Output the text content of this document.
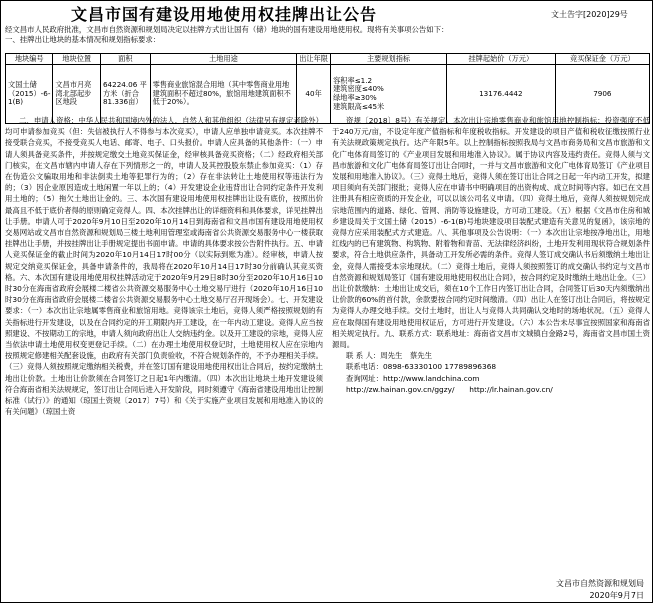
文昌市国有建设用地使用权挂牌出让公告	文土告字[2020]29号

经文昌市人民政府批准，文昌市自然资源和规划局决定以挂牌方式出让国有（储）地块的国有建设用地使用权。现将有关事项公告如下：

一、挂牌出让地块的基本情况和规划指标要求：

地块编号	地块位置	面积	土地用途	出让年限	主要规划指标	挂牌起始价（万元）	竞买保证金（万元）
文国土储（2015）-6-1(B)	文昌市月亮湾北部起步区地段	64224.06 平方米（折合81.336亩）	零售商业旅馆混合用地（其中零售商业用地建筑面积不超过80%，旅馆用地建筑面积不低于20%）。	40年	容积率≤1.2
建筑密度≤40%
绿地率≥30%
建筑限高≤45米	13176.4442	7906

二、申请人资格：中华人民共和国境内外的法人、自然人和其他组织（法律另有规定者除外）均可申请参加竞买（但：失信被执行人不得参与本次竞买），申请人应单独申请竞买。本次挂牌不接受联合竞买，不接受竞买人电话、邮寄、电子、口头报价。申请人应具备的其他条件：（一）申请人须具备竞买条件，并按规定缴交土地竞买保证金，经审核具备竞买资格；（二）经政府相关部门核实，在文昌市辖内申请人存在下列情形之一的，申请人及其控股股东禁止参加竞买：（1）存在伪造公文骗取用地和非法倒卖土地等犯罪行为的；（2）存在非法转让土地使用权等违法行为的；（3）因企业原因造成土地闲置一年以上的；（4）开发建设企业违背出让合同约定条件开发利用土地的；（5）拖欠土地出让金的。三、本次国有建设用地使用权挂牌出让设有底价，按照出价最高且不低于底价者得的原则确定竞得人。四、本次挂牌出让的详细资料和具体要求，详见挂牌出让手册。申请人可于2020年9月10日至2020年10月14日到海南省和文昌市国有建设用地使用权交易网站或文昌市自然资源和规划局三楼土地利用管理室或海南省公共资源交易服务中心一楼获取挂牌出让手册，并按挂牌出让手册规定提出书面申请。申请的具体要求按公告附件执行。五、申请人竞买保证金的截止时间为2020年10月14日17时00分（以实际到账为准）。经审核，申请人按规定交纳竞买保证金，具备申请条件的，我局将在2020年10月14日17时30分前确认其竞买资格。六、本次国有建设用地使用权挂牌活动定于2020年9月29日8时30分至2020年10月16日10时30分在海南省政府会展楼二楼省公共资源交易服务中心土地交易厅进行（2020年10月16日10时30分在海南省政府会展楼二楼省公共资源交易服务中心土地交易厅召开现场会）。七、开发建设要求：（一）本次出让宗地属零售商业和旅馆用地。竞得该宗土地后，竞得人须严格按照规划的有关指标进行开发建设，以及在合同约定的开工期限内开工建设，在一年内动工建设。竞得人应当按照建设、不按期动工的宗地，申请人须向政府出让人交纳违约金。以及开工建设的宗地，竞得人应当依法申请土地使用权变更登记手续。（二）在办理土地使用权登记时，土地使用权人应在宗地内按照规定修建相关配套设施，由政府有关部门负责验收，不符合规划条件的，不予办理相关手续。（三）竞得人须按照规定缴纳相关税费，并在签订国有建设用地使用权出让合同后，按约定缴纳土地出让价款。土地出让价款须在合同签订之日起1年内缴清。（四）本次出让地块土地开发建设须符合海南省相关法规规定，签订出让合同后进入开发阶段，同时须遵守《海南省建设用地出让控制标准（试行）》的通知（琼国土资规〔2017〕7号）和《关于实施产业项目发展和用地准入协议的有关问题》（琼国土资

资规〔2018〕8号）有关规定。本次出让宗地零售商业和旅馆用地控制指标：投资强度不低于240万元/亩，不设定年度产值指标和年度税收指标。开发建设的项目产值和税收征缴按照行业有关法规政策规定执行。达产年限5年。以上控制指标按照我局与文昌市商务局和文昌市旅游和文化广电体育局签订的《产业项目发展和用地准入协议》。属于协议内容及违约责任。竞得人须与文昌市旅游和文化广电体育局签订出让合同时，一并与文昌市旅游和文化广电体育局签订《产业项目发展和用地准入协议》。（三）竞得土地后，竞得人须在签订出让合同之日起一年内动工开发，拟建项目须向有关部门报批；竞得人应在申请书中明确项目的出资构成、成立时间等内容。如已在文昌注册具有相应资质的开发企业，可以以该公司名义申请。（四）竞得土地后，竞得人须按规划完成宗地范围内的道路、绿化、管网、消防等设施建设，方可动工建设。（五）根据《文昌市住房和城乡建设局关于文国土储（2015）-6-1(B)号地块建设项目装配式建造有关意见的复函》，该宗地的竞得方应采用装配式方式建造。八、其他事项及公告说明：（一）本次出让宗地按净地出让，用地红线内的已有建筑物、构筑物、附着物和青苗、无法律经济纠纷，土地开发利用现状符合规划条件要求，符合土地供应条件，具备动工开发所必需的条件。竞得人签订成交确认书后须缴纳土地出让金，竞得人需接受本宗地现状。（二）竞得土地后，竞得人须按照签订的成交确认书约定与文昌市自然资源和规划局签订《国有建设用地使用权出让合同》，按合同约定及时缴纳土地出让金。（三）出让价款缴纳：土地出让成交后，须在10个工作日内签订出让合同，合同签订后30天内须缴纳出让价款的60%的首付款，余款要按合同约定时间缴清。（四）出让人在签订出让合同后，将按规定为竞得人办理交地手续。交付土地时，出让人与竞得人共同确认交地时的场地状况。（五）竞得人应在取得国有建设用地使用权证后，方可进行开发建设。（六）本公告未尽事宜按照国家和海南省相关规定执行。九、联系方式：联系地址：海南省文昌市文城镇白金路2号，海南省文昌市国土资源局。

联 系 人：周先生　蔡先生

联系电话：0898-63330100 17789896368

查询网址：http://www.landchina.com

http://zw.hainan.gov.cn/ggzy/　　http://lr.hainan.gov.cn/

文昌市自然资源和规划局
2020年9月7日
